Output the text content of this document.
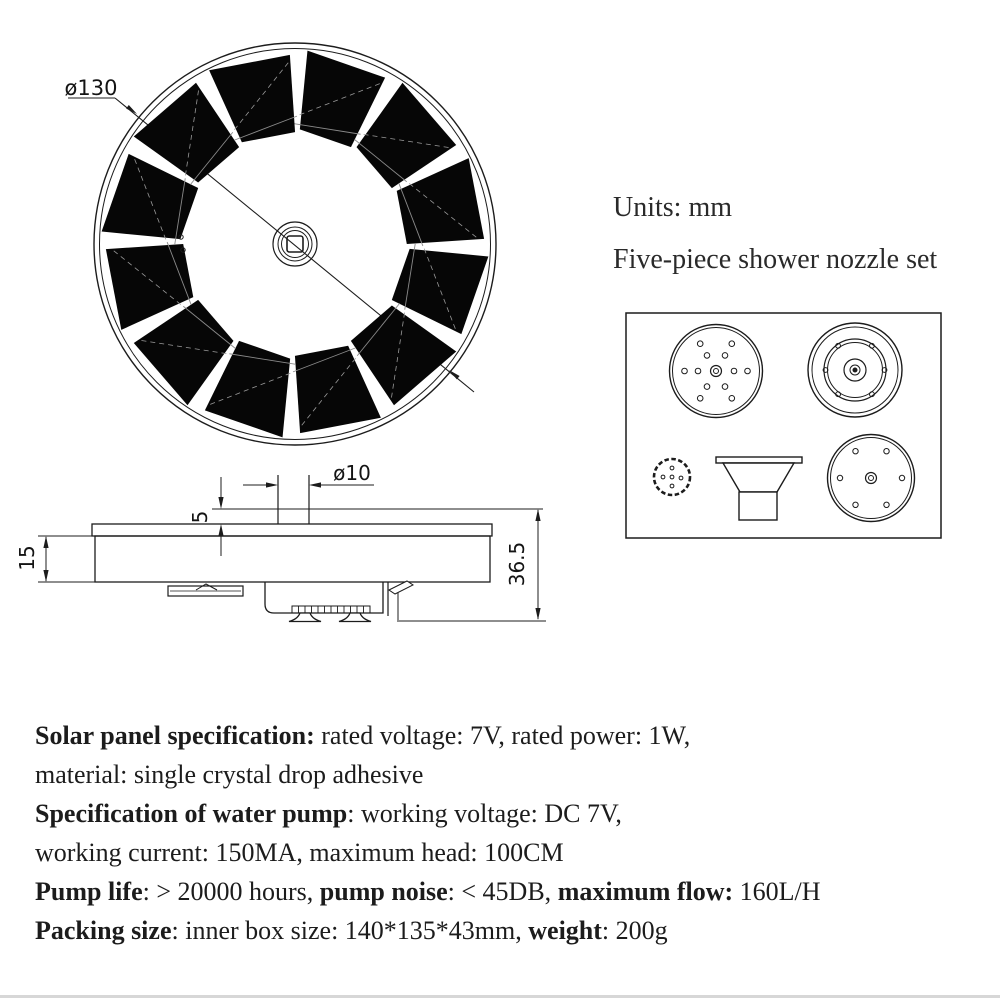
ø130
ø10
5
15	36.5
Units: mm
Five-piece shower nozzle set

Solar panel specification: rated voltage: 7V, rated power: 1W,

material: single crystal drop adhesive

Specification of water pump: working voltage: DC 7V,

working current: 150MA, maximum head: 100CM

Pump life: > 20000 hours, pump noise: < 45DB, maximum flow: 160L/H

Packing size: inner box size: 140*135*43mm, weight: 200g
